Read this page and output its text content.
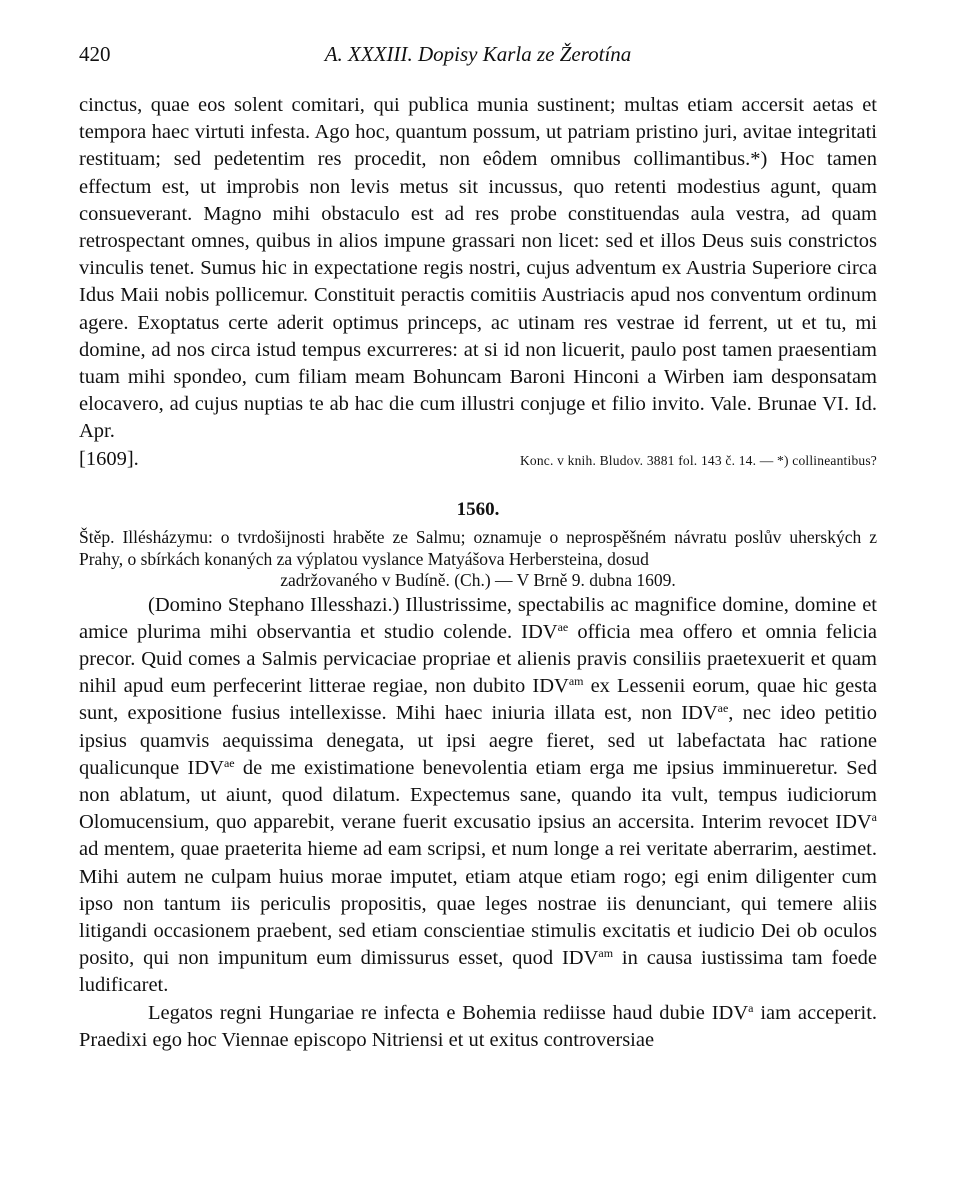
420	A. XXXIII. Dopisy Karla ze Žerotína

cinctus, quae eos solent comitari, qui publica munia sustinent; multas etiam accersit aetas et tempora haec virtuti infesta. Ago hoc, quantum possum, ut patriam pristino juri, avitae integritati restituam; sed pedetentim res procedit, non eôdem omnibus collimantibus.*) Hoc tamen effectum est, ut improbis non levis metus sit incussus, quo retenti modestius agunt, quam consueverant. Magno mihi obstaculo est ad res probe constituendas aula vestra, ad quam retrospectant omnes, quibus in alios impune grassari non licet: sed et illos Deus suis constrictos vinculis tenet. Sumus hic in expectatione regis nostri, cujus adventum ex Austria Superiore circa Idus Maii nobis pollicemur. Constituit peractis comitiis Austriacis apud nos conventum ordinum agere. Exoptatus certe aderit optimus princeps, ac utinam res vestrae id ferrent, ut et tu, mi domine, ad nos circa istud tempus excurreres: at si id non licuerit, paulo post tamen praesentiam tuam mihi spondeo, cum filiam meam Bohuncam Baroni Hinconi a Wirben iam desponsatam elocavero, ad cujus nuptias te ab hac die cum illustri conjuge et filio invito. Vale. Brunae VI. Id. Apr.

[1609].	Konc. v knih. Bludov. 3881 fol. 143 č. 14. — *) collineantibus?
1560.

Štěp. Illésházymu: o tvrdošijnosti hraběte ze Salmu; oznamuje o neprospěšném návratu poslův uherských z Prahy, o sbírkách konaných za výplatou vyslance Matyášova Herbersteina, dosud
zadržovaného v Budíně. (Ch.) — V Brně 9. dubna 1609.

(Domino Stephano Illesshazi.) Illustrissime, spectabilis ac magnifice domine, domine et amice plurima mihi observantia et studio colende. $IDV^{ae}$ officia mea offero et omnia felicia precor. Quid comes a Salmis pervicaciae propriae et alienis pravis consiliis praetexuerit et quam nihil apud eum perfecerint litterae regiae, non dubito $IDV^{am}$ ex Lessenii eorum, quae hic gesta sunt, expositione fusius intellexisse. Mihi haec iniuria illata est, non $IDV^{ae}$, nec ideo petitio ipsius quamvis aequissima denegata, ut ipsi aegre fieret, sed ut labefactata hac ratione qualicunque $IDV^{ae}$ de me existimatione benevolentia etiam erga me ipsius imminueretur. Sed non ablatum, ut aiunt, quod dilatum. Expectemus sane, quando ita vult, tempus iudiciorum Olomucensium, quo apparebit, verane fuerit excusatio ipsius an accersita. Interim revocet IDV$^a$ ad mentem, quae praeterita hieme ad eam scripsi, et num longe a rei veritate aberrarim, aestimet. Mihi autem ne culpam huius morae imputet, etiam atque etiam rogo; egi enim diligenter cum ipso non tantum iis periculis propositis, quae leges nostrae iis denunciant, qui temere aliis litigandi occasionem praebent, sed etiam conscientiae stimulis excitatis et iudicio Dei ob oculos posito, qui non impunitum eum dimissurus esset, quod $IDV^{am}$ in causa iustissima tam foede ludificaret.

Legatos regni Hungariae re infecta e Bohemia rediisse haud dubie IDV$^a$ iam acceperit. Praedixi ego hoc Viennae episcopo Nitriensi et ut exitus controversiae
